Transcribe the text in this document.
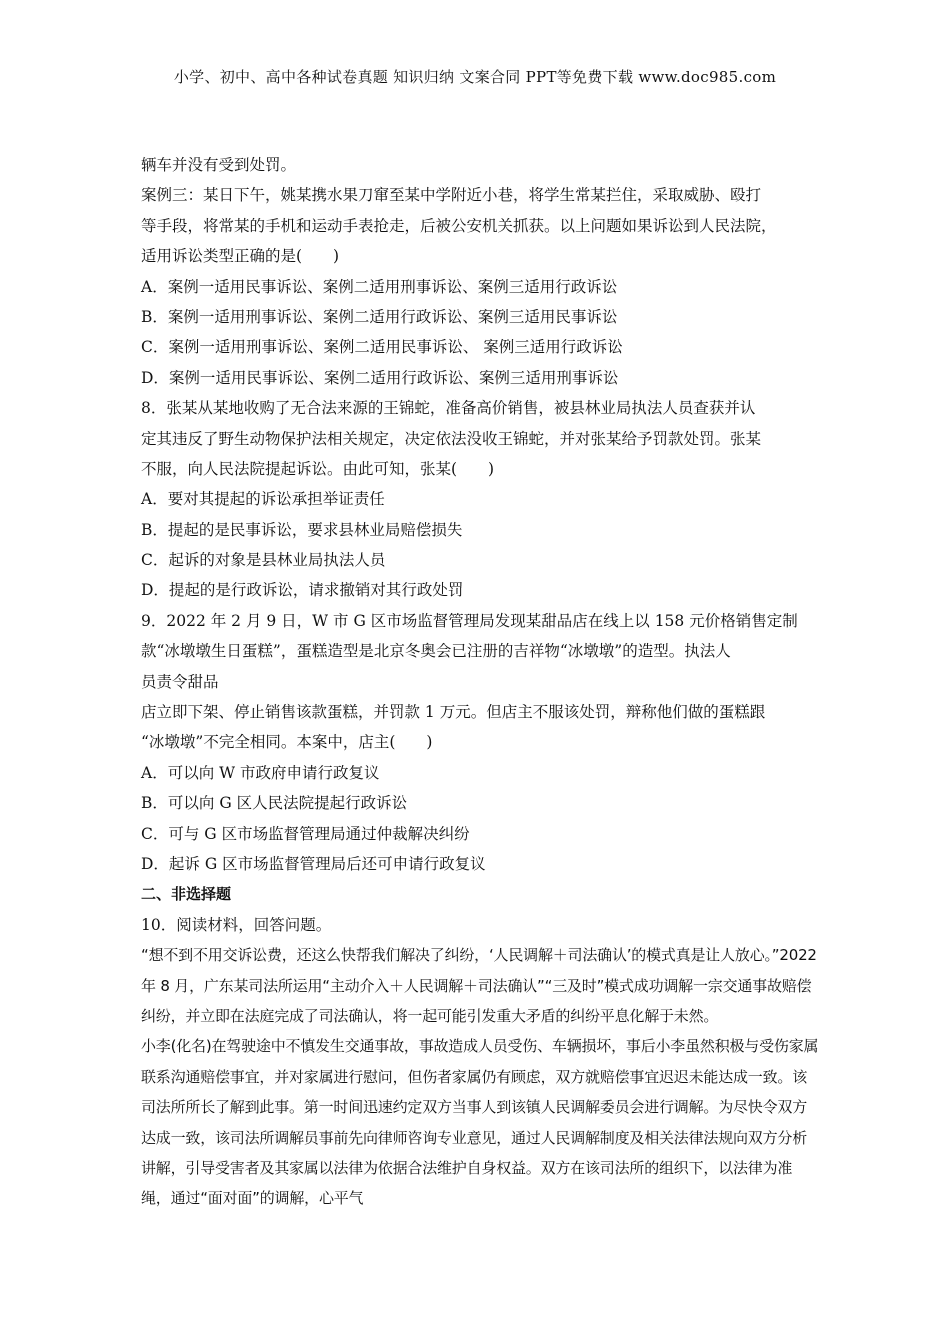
小学、初中、高中各种试卷真题 知识归纳 文案合同 PPT等免费下载 www.doc985.com
辆车并没有受到处罚。
案例三：某日下午，姚某携水果刀窜至某中学附近小巷，将学生常某拦住，采取威胁、殴打
等手段，将常某的手机和运动手表抢走，后被公安机关抓获。以上问题如果诉讼到人民法院，
适用诉讼类型正确的是(　　)
A．案例一适用民事诉讼、案例二适用刑事诉讼、案例三适用行政诉讼
B．案例一适用刑事诉讼、案例二适用行政诉讼、案例三适用民事诉讼
C．案例一适用刑事诉讼、案例二适用民事诉讼、 案例三适用行政诉讼
D．案例一适用民事诉讼、案例二适用行政诉讼、案例三适用刑事诉讼
8．张某从某地收购了无合法来源的王锦蛇，准备高价销售，被县林业局执法人员查获并认
定其违反了野生动物保护法相关规定，决定依法没收王锦蛇，并对张某给予罚款处罚。张某
不服，向人民法院提起诉讼。由此可知，张某(　　)
A．要对其提起的诉讼承担举证责任
B．提起的是民事诉讼，要求县林业局赔偿损失
C．起诉的对象是县林业局执法人员
D．提起的是行政诉讼，请求撤销对其行政处罚
9．2022 年 2 月 9 日，W 市 G 区市场监督管理局发现某甜品店在线上以 158 元价格销售定制
款“冰墩墩生日蛋糕”，蛋糕造型是北京冬奥会已注册的吉祥物“冰墩墩”的造型。执法人
员责令甜品
店立即下架、停止销售该款蛋糕，并罚款 1 万元。但店主不服该处罚，辩称他们做的蛋糕跟
“冰墩墩”不完全相同。本案中，店主(　　)
A．可以向 W 市政府申请行政复议
B．可以向 G 区人民法院提起行政诉讼
C．可与 G 区市场监督管理局通过仲裁解决纠纷
D．起诉 G 区市场监督管理局后还可申请行政复议
二、非选择题
10．阅读材料，回答问题。
“想不到不用交诉讼费，还这么快帮我们解决了纠纷，‘人民调解＋司法确认’的模式真是让人放心。”2022 年 8 月，广东某司法所运用“主动介入＋人民调解＋司法确认”“三及时”模式成功调解一宗交通事故赔偿纠纷，并立即在法庭完成了司法确认，将一起可能引发重大矛盾的纠纷平息化解于未然。
小李(化名)在驾驶途中不慎发生交通事故，事故造成人员受伤、车辆损坏，事后小李虽然积极与受伤家属联系沟通赔偿事宜，并对家属进行慰问，但伤者家属仍有顾虑，双方就赔偿事宜迟迟未能达成一致。该司法所所长了解到此事。第一时间迅速约定双方当事人到该镇人民调解委员会进行调解。为尽快令双方达成一致，该司法所调解员事前先向律师咨询专业意见，通过人民调解制度及相关法律法规向双方分析讲解，引导受害者及其家属以法律为依据合法维护自身权益。双方在该司法所的组织下，以法律为准绳，通过“面对面”的调解，心平气
